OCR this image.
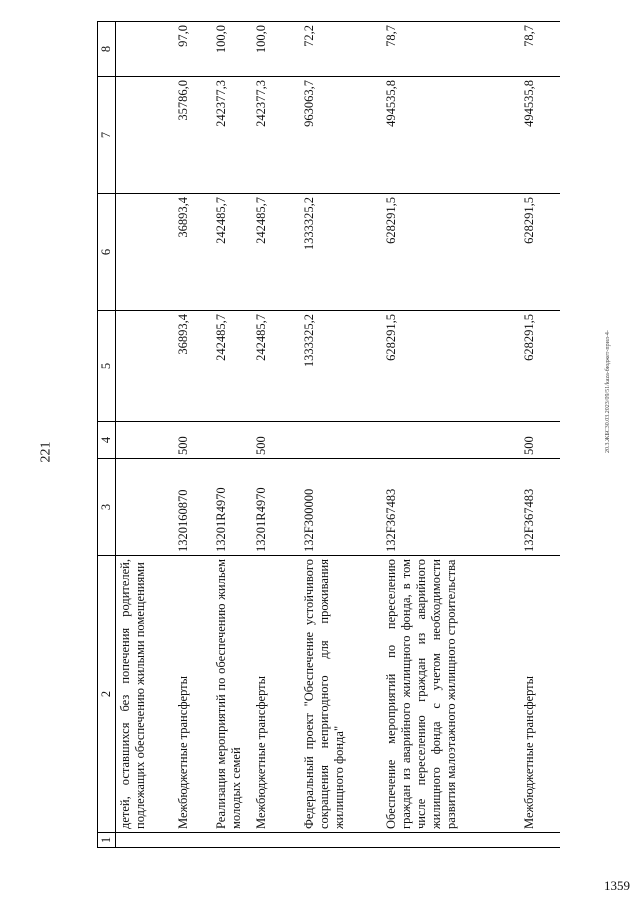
221	20.3.ЖБС30.03.2023/09/51/kaza-бюджет-прил-4-
1359
1	2	3	4	5	6	7	8
	детей, оставшихся без попечения родителей, подлежащих обеспечению жилыми помещениями						
	Межбюджетные трансферты	1320160870	500	36893,4	36893,4	35786,0	97,0
	Реализация мероприятий по обеспечению жильем молодых семей	13201R4970		242485,7	242485,7	242377,3	100,0
	Межбюджетные трансферты	13201R4970	500	242485,7	242485,7	242377,3	100,0
	Федеральный проект "Обеспечение устойчивого сокращения непригодного для проживания жилищного фонда"	132F300000		1333325,2	1333325,2	963063,7	72,2
	Обеспечение мероприятий по переселению граждан из аварийного жилищного фонда, в том числе переселению граждан из аварийного жилищного фонда с учетом необходимости развития малоэтажного жилищного строительства	132F367483		628291,5	628291,5	494535,8	78,7
	Межбюджетные трансферты	132F367483	500	628291,5	628291,5	494535,8	78,7
